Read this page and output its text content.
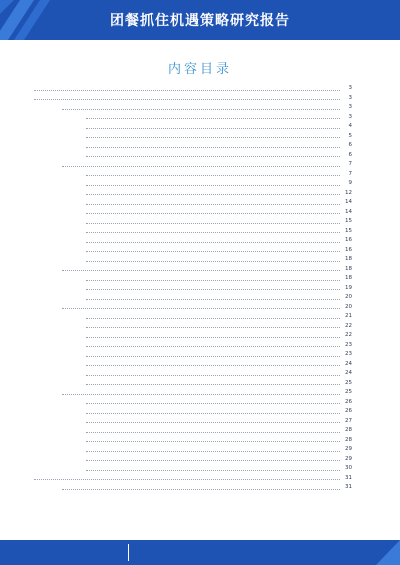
团餐抓住机遇策略研究报告
内容目录
3
3
3
3
4
5
6
6
7
7
9
12
14
14
15
15
16
16
18
18
18
19
20
20
21
22
22
23
23
24
24
25
25
26
26
27
28
28
29
29
30
31
31
